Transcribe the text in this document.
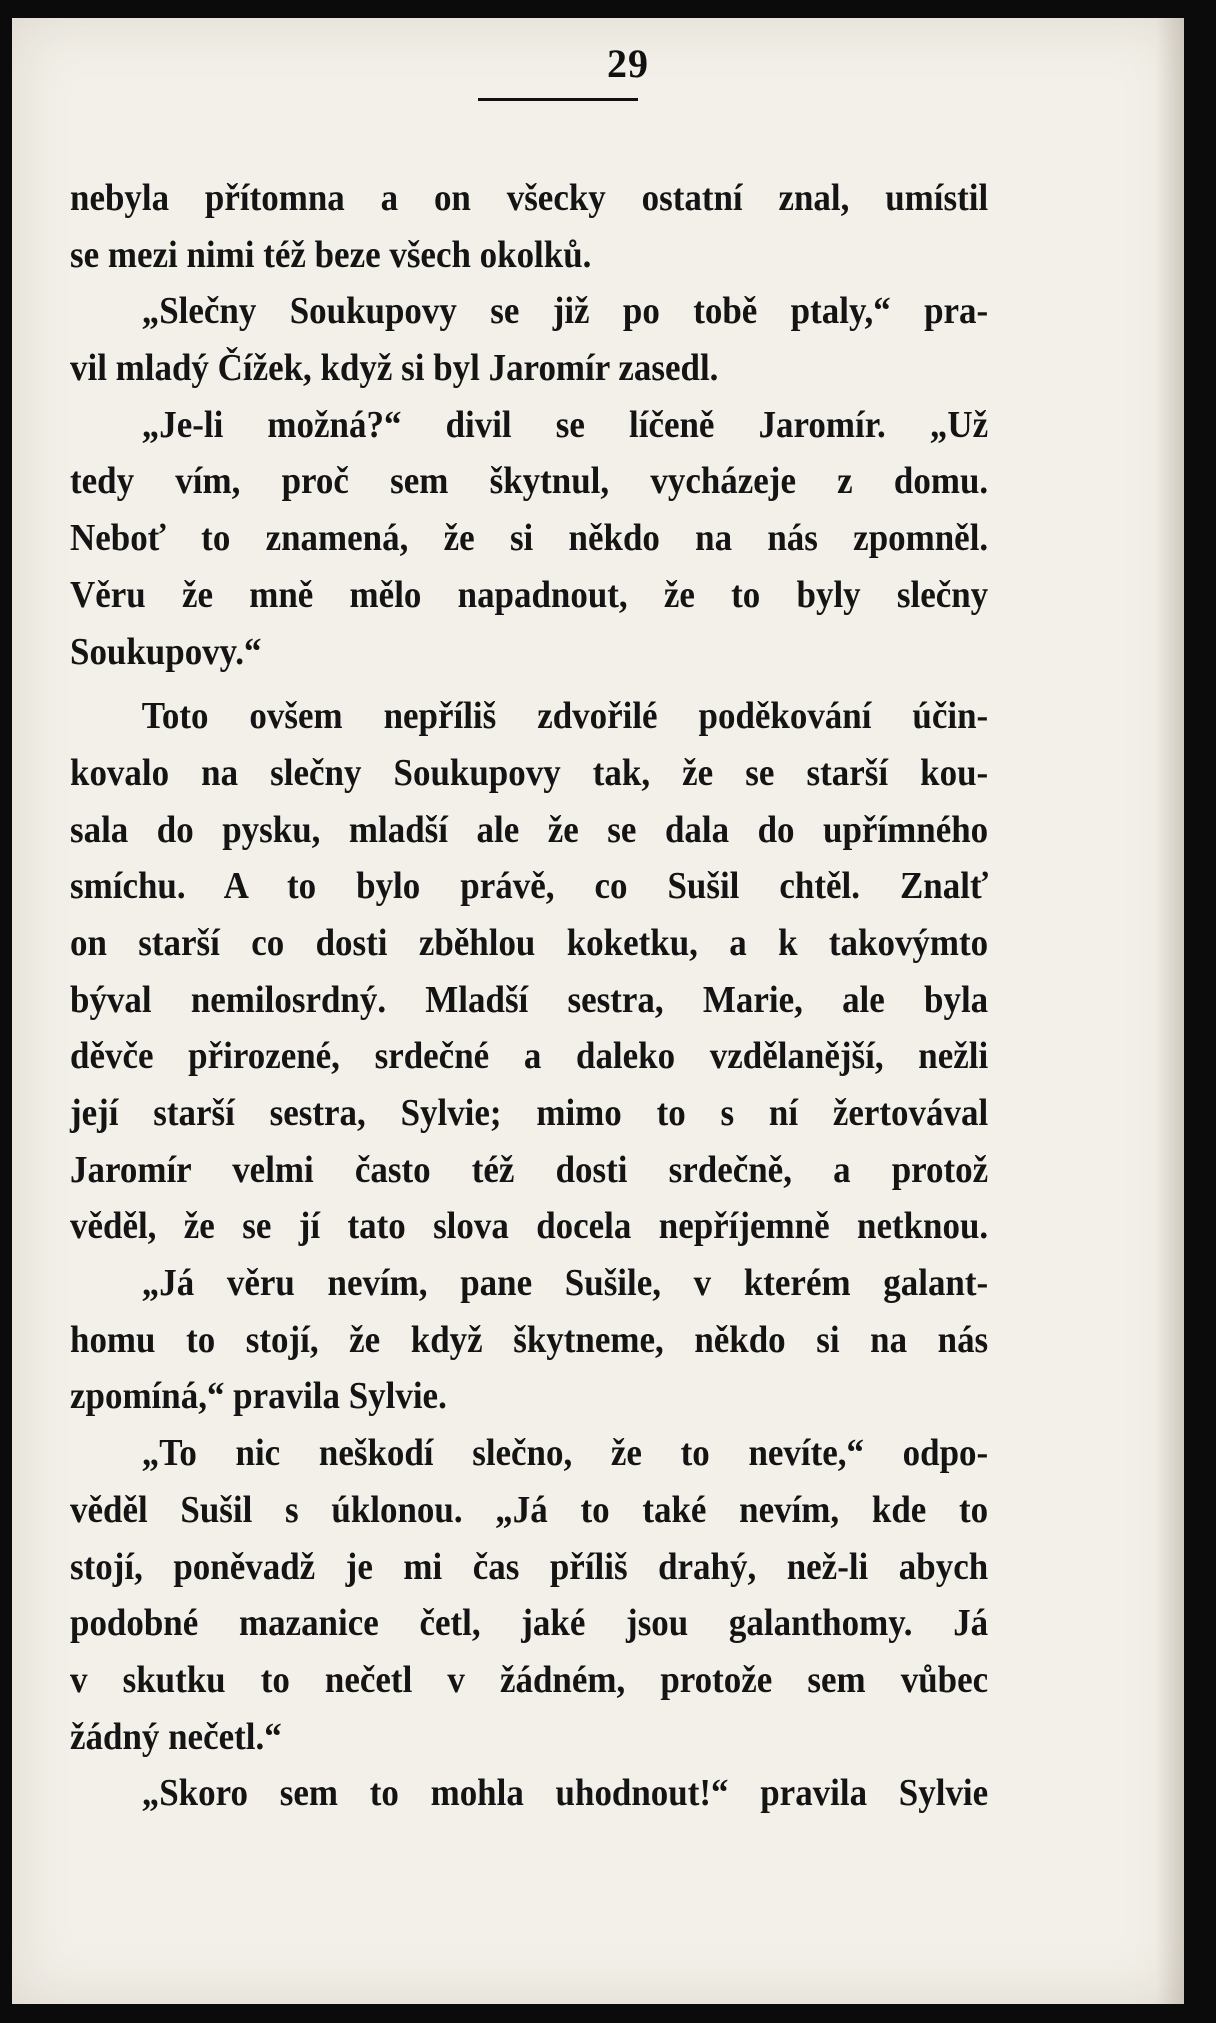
29
nebyla přítomna a on všecky ostatní znal, umístil
se mezi nimi též beze všech okolků.
„Slečny Soukupovy se již po tobě ptaly,“ pra-
vil mladý Čížek, když si byl Jaromír zasedl.
„Je-li možná?“ divil se líčeně Jaromír. „Už
tedy vím, proč sem škytnul, vycházeje z domu.
Neboť to znamená, že si někdo na nás zpomněl.
Věru že mně mělo napadnout, že to byly slečny
Soukupovy.“
Toto ovšem nepříliš zdvořilé poděkování účin-
kovalo na slečny Soukupovy tak, že se starší kou-
sala do pysku, mladší ale že se dala do upřímného
smíchu. A to bylo právě, co Sušil chtěl. Znalť
on starší co dosti zběhlou koketku, a k takovýmto
býval nemilosrdný. Mladší sestra, Marie, ale byla
děvče přirozené, srdečné a daleko vzdělanější, nežli
její starší sestra, Sylvie; mimo to s ní žertovával
Jaromír velmi často též dosti srdečně, a protož
věděl, že se jí tato slova docela nepříjemně netknou.
„Já věru nevím, pane Sušile, v kterém galant-
homu to stojí, že když škytneme, někdo si na nás
zpomíná,“ pravila Sylvie.
„To nic neškodí slečno, že to nevíte,“ odpo-
věděl Sušil s úklonou. „Já to také nevím, kde to
stojí, poněvadž je mi čas příliš drahý, než-li abych
podobné mazanice četl, jaké jsou galanthomy. Já
v skutku to nečetl v žádném, protože sem vůbec
žádný nečetl.“
„Skoro sem to mohla uhodnout!“ pravila Sylvie
